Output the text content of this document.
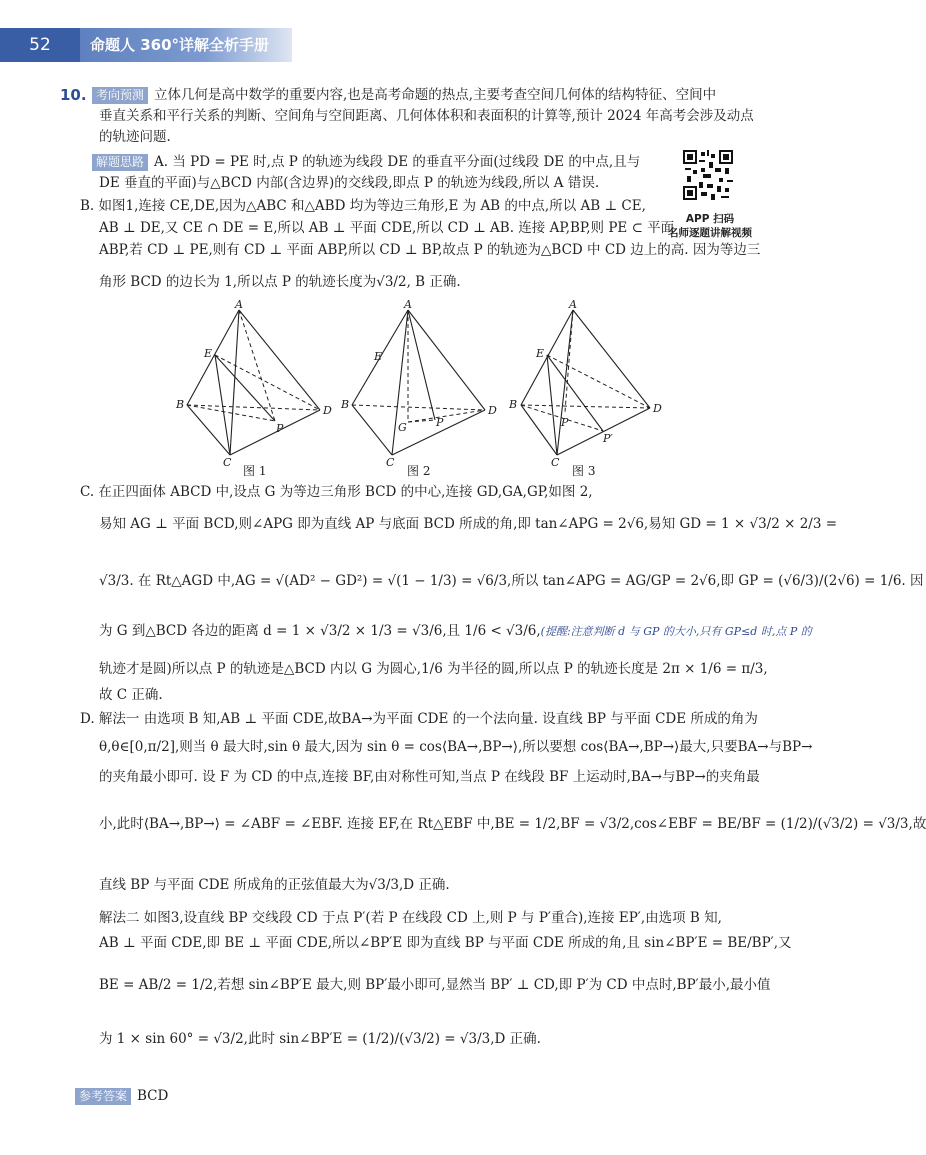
52	命题人 360°详解全析手册
10. 考向预测 立体几何是高中数学的重要内容,也是高考命题的热点,主要考查空间几何体的结构特征、空间中
垂直关系和平行关系的判断、空间角与空间距离、几何体体积和表面积的计算等,预计 2024 年高考会涉及动点
的轨迹问题.
解题思路 A. 当 PD = PE 时,点 P 的轨迹为线段 DE 的垂直平分面(过线段 DE 的中点,且与
DE 垂直的平面)与△BCD 内部(含边界)的交线段,即点 P 的轨迹为线段,所以 A 错误.
APP 扫码
名师逐题讲解视频
B. 如图1,连接 CE,DE,因为△ABC 和△ABD 均为等边三角形,E 为 AB 的中点,所以 AB ⊥ CE,
AB ⊥ DE,又 CE ∩ DE = E,所以 AB ⊥ 平面 CDE,所以 CD ⊥ AB. 连接 AP,BP,则 PE ⊂ 平面
ABP,若 CD ⊥ PE,则有 CD ⊥ 平面 ABP,所以 CD ⊥ BP,故点 P 的轨迹为△BCD 中 CD 边上的高. 因为等边三
角形 BCD 的边长为 1,所以点 P 的轨迹长度为√3/2, B 正确.
A
B
C
D
E
P
图 1
A
B
C
D
E
G	P
图 2
A
B
C
D
E
P
P′
图 3
C. 在正四面体 ABCD 中,设点 G 为等边三角形 BCD 的中心,连接 GD,GA,GP,如图 2,
易知 AG ⊥ 平面 BCD,则∠APG 即为直线 AP 与底面 BCD 所成的角,即 tan∠APG = 2√6,易知 GD = 1 × √3/2 × 2/3 =
√3/3. 在 Rt△AGD 中,AG = √(AD² − GD²) = √(1 − 1/3) = √6/3,所以 tan∠APG = AG/GP = 2√6,即 GP = (√6/3)/(2√6) = 1/6. 因
为 G 到△BCD 各边的距离 d = 1 × √3/2 × 1/3 = √3/6,且 1/6 < √3/6,(提醒:注意判断 d 与 GP 的大小,只有 GP≤d 时,点 P 的
轨迹才是圆)所以点 P 的轨迹是△BCD 内以 G 为圆心,1/6 为半径的圆,所以点 P 的轨迹长度是 2π × 1/6 = π/3,
故 C 正确.
D. 解法一 由选项 B 知,AB ⊥ 平面 CDE,故BA→为平面 CDE 的一个法向量. 设直线 BP 与平面 CDE 所成的角为
θ,θ∈[0,π/2],则当 θ 最大时,sin θ 最大,因为 sin θ = cos⟨BA→,BP→⟩,所以要想 cos⟨BA→,BP→⟩最大,只要BA→与BP→
的夹角最小即可. 设 F 为 CD 的中点,连接 BF,由对称性可知,当点 P 在线段 BF 上运动时,BA→与BP→的夹角最
小,此时⟨BA→,BP→⟩ = ∠ABF = ∠EBF. 连接 EF,在 Rt△EBF 中,BE = 1/2,BF = √3/2,cos∠EBF = BE/BF = (1/2)/(√3/2) = √3/3,故
直线 BP 与平面 CDE 所成角的正弦值最大为√3/3,D 正确.
解法二 如图3,设直线 BP 交线段 CD 于点 P′(若 P 在线段 CD 上,则 P 与 P′重合),连接 EP′,由选项 B 知,
AB ⊥ 平面 CDE,即 BE ⊥ 平面 CDE,所以∠BP′E 即为直线 BP 与平面 CDE 所成的角,且 sin∠BP′E = BE/BP′,又
BE = AB/2 = 1/2,若想 sin∠BP′E 最大,则 BP′最小即可,显然当 BP′ ⊥ CD,即 P′为 CD 中点时,BP′最小,最小值
为 1 × sin 60° = √3/2,此时 sin∠BP′E = (1/2)/(√3/2) = √3/3,D 正确.
参考答案 BCD
